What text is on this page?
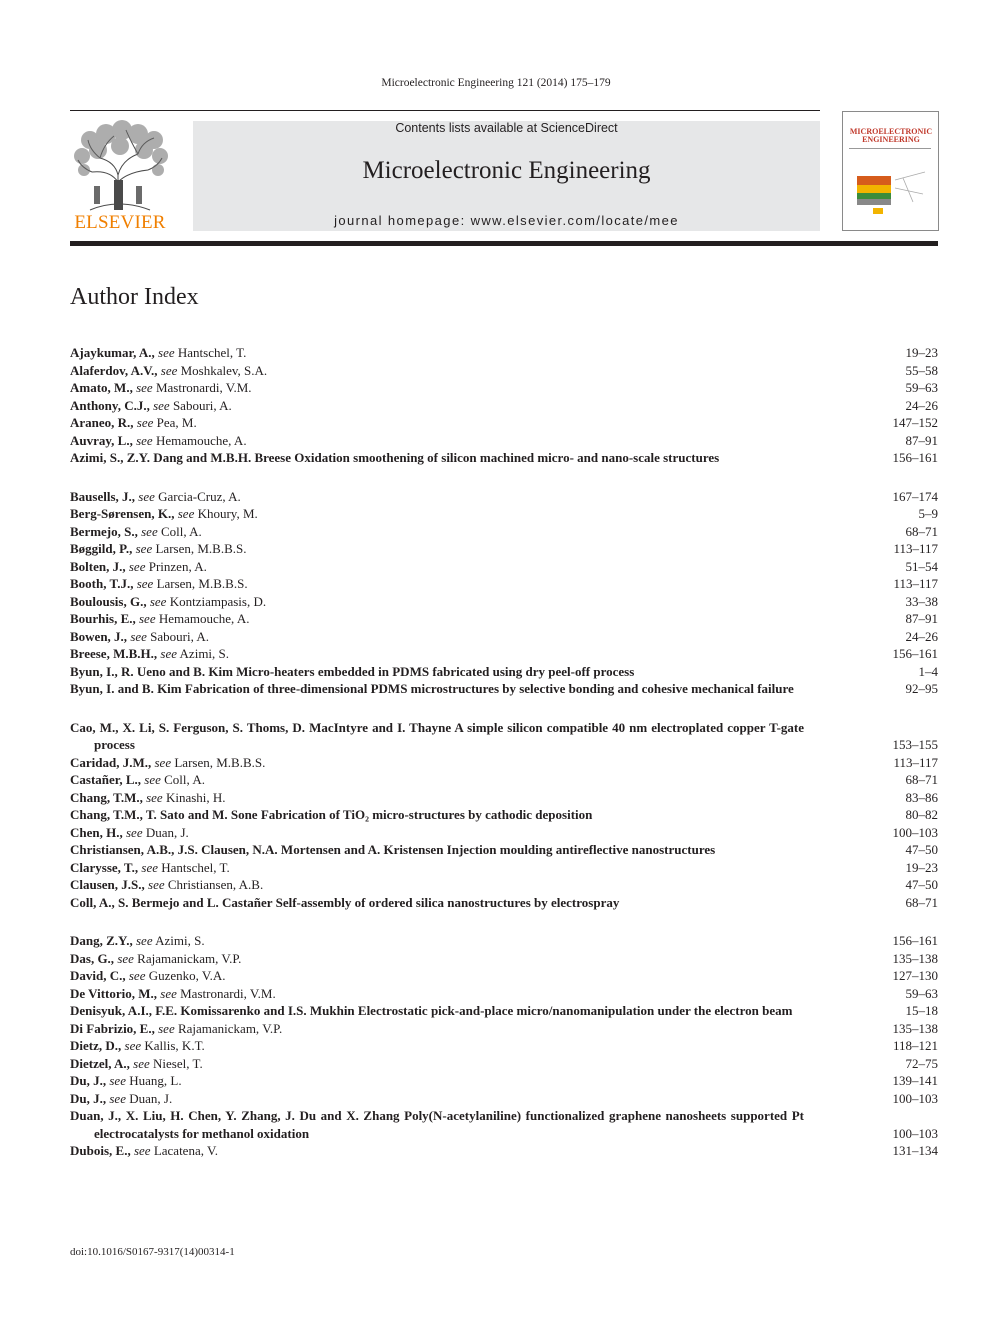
Microelectronic Engineering 121 (2014) 175–179
ELSEVIER
Contents lists available at ScienceDirect
Microelectronic Engineering
journal homepage: www.elsevier.com/locate/mee
MICROELECTRONIC
ENGINEERING
Author Index
Ajaykumar, A., see Hantschel, T.	19–23
Alaferdov, A.V., see Moshkalev, S.A.	55–58
Amato, M., see Mastronardi, V.M.	59–63
Anthony, C.J., see Sabouri, A.	24–26
Araneo, R., see Pea, M.	147–152
Auvray, L., see Hemamouche, A.	87–91
Azimi, S., Z.Y. Dang and M.B.H. Breese Oxidation smoothening of silicon machined micro- and nano-scale structures	156–161
Bausells, J., see Garcia-Cruz, A.	167–174
Berg-Sørensen, K., see Khoury, M.	5–9
Bermejo, S., see Coll, A.	68–71
Bøggild, P., see Larsen, M.B.B.S.	113–117
Bolten, J., see Prinzen, A.	51–54
Booth, T.J., see Larsen, M.B.B.S.	113–117
Boulousis, G., see Kontziampasis, D.	33–38
Bourhis, E., see Hemamouche, A.	87–91
Bowen, J., see Sabouri, A.	24–26
Breese, M.B.H., see Azimi, S.	156–161
Byun, I., R. Ueno and B. Kim Micro-heaters embedded in PDMS fabricated using dry peel-off process	1–4
Byun, I. and B. Kim Fabrication of three-dimensional PDMS microstructures by selective bonding and cohesive mechanical failure	92–95
Cao, M., X. Li, S. Ferguson, S. Thoms, D. MacIntyre and I. Thayne A simple silicon compatible 40 nm electroplated copper T-gate process	153–155
Caridad, J.M., see Larsen, M.B.B.S.	113–117
Castañer, L., see Coll, A.	68–71
Chang, T.M., see Kinashi, H.	83–86
Chang, T.M., T. Sato and M. Sone Fabrication of TiO₂ micro-structures by cathodic deposition	80–82
Chen, H., see Duan, J.	100–103
Christiansen, A.B., J.S. Clausen, N.A. Mortensen and A. Kristensen Injection moulding antireflective nanostructures	47–50
Clarysse, T., see Hantschel, T.	19–23
Clausen, J.S., see Christiansen, A.B.	47–50
Coll, A., S. Bermejo and L. Castañer Self-assembly of ordered silica nanostructures by electrospray	68–71
Dang, Z.Y., see Azimi, S.	156–161
Das, G., see Rajamanickam, V.P.	135–138
David, C., see Guzenko, V.A.	127–130
De Vittorio, M., see Mastronardi, V.M.	59–63
Denisyuk, A.I., F.E. Komissarenko and I.S. Mukhin Electrostatic pick-and-place micro/nanomanipulation under the electron beam	15–18
Di Fabrizio, E., see Rajamanickam, V.P.	135–138
Dietz, D., see Kallis, K.T.	118–121
Dietzel, A., see Niesel, T.	72–75
Du, J., see Huang, L.	139–141
Du, J., see Duan, J.	100–103
Duan, J., X. Liu, H. Chen, Y. Zhang, J. Du and X. Zhang Poly(N-acetylaniline) functionalized graphene nanosheets supported Pt electrocatalysts for methanol oxidation	100–103
Dubois, E., see Lacatena, V.	131–134
doi:10.1016/S0167-9317(14)00314-1
